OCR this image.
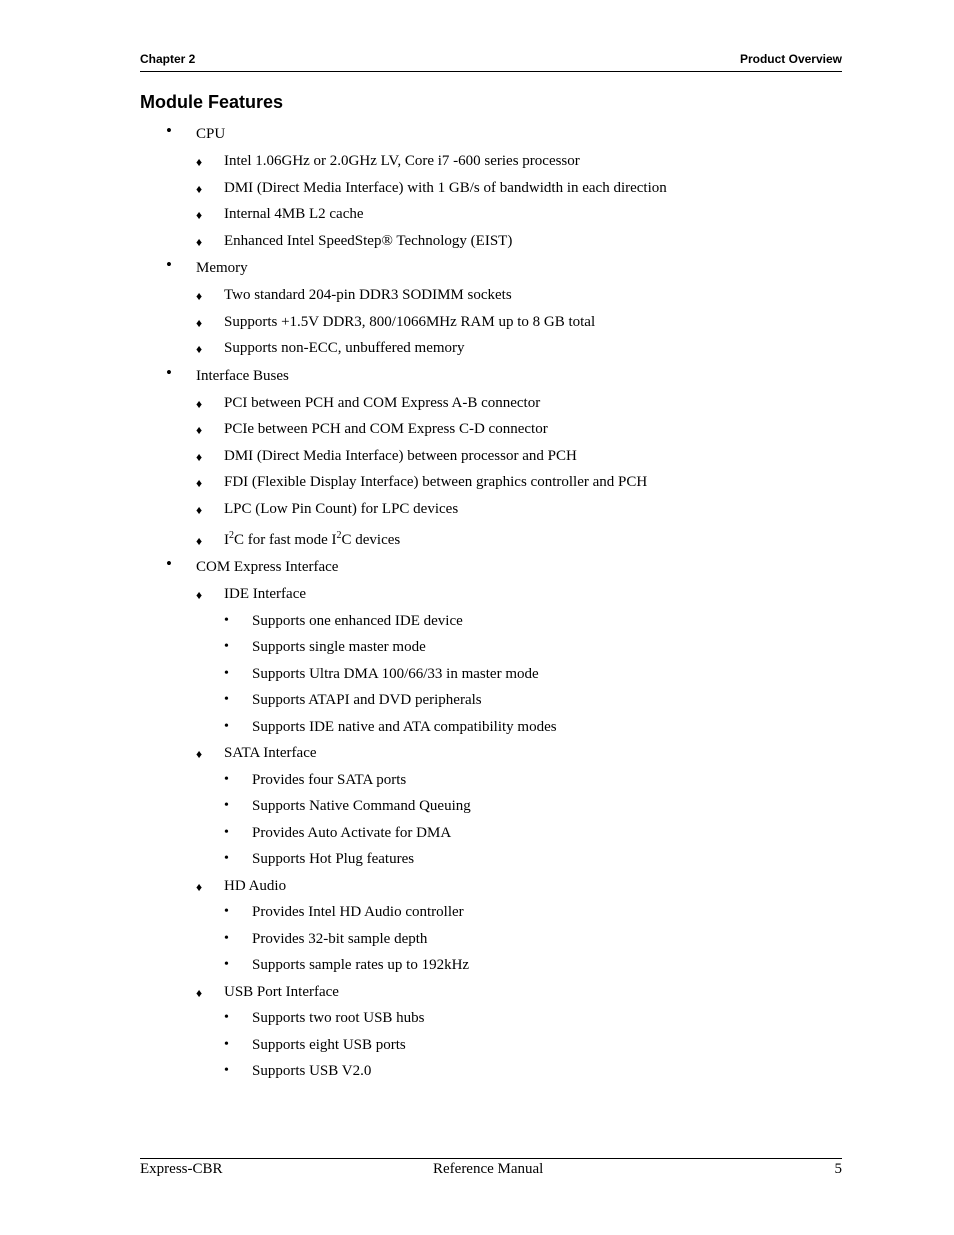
Chapter 2	Product Overview
Module Features
• CPU
♦ Intel 1.06GHz or 2.0GHz LV, Core i7 -600 series processor
♦ DMI (Direct Media Interface) with 1 GB/s of bandwidth in each direction
♦ Internal 4MB L2 cache
♦ Enhanced Intel SpeedStep® Technology (EIST)
• Memory
♦ Two standard 204-pin DDR3 SODIMM sockets
♦ Supports +1.5V DDR3, 800/1066MHz RAM up to 8 GB total
♦ Supports non-ECC, unbuffered memory
• Interface Buses
♦ PCI between PCH and COM Express A-B connector
♦ PCIe between PCH and COM Express C-D connector
♦ DMI (Direct Media Interface) between processor and PCH
♦ FDI (Flexible Display Interface) between graphics controller and PCH
♦ LPC (Low Pin Count) for LPC devices
♦ $I^2C$ for fast mode $I^2C$ devices
• COM Express Interface
♦ IDE Interface
• Supports one enhanced IDE device
• Supports single master mode
• Supports Ultra DMA 100/66/33 in master mode
• Supports ATAPI and DVD peripherals
• Supports IDE native and ATA compatibility modes
♦ SATA Interface
• Provides four SATA ports
• Supports Native Command Queuing
• Provides Auto Activate for DMA
• Supports Hot Plug features
♦ HD Audio
• Provides Intel HD Audio controller
• Provides 32-bit sample depth
• Supports sample rates up to 192kHz
♦ USB Port Interface
• Supports two root USB hubs
• Supports eight USB ports
• Supports USB V2.0
Express-CBR	Reference Manual	5
